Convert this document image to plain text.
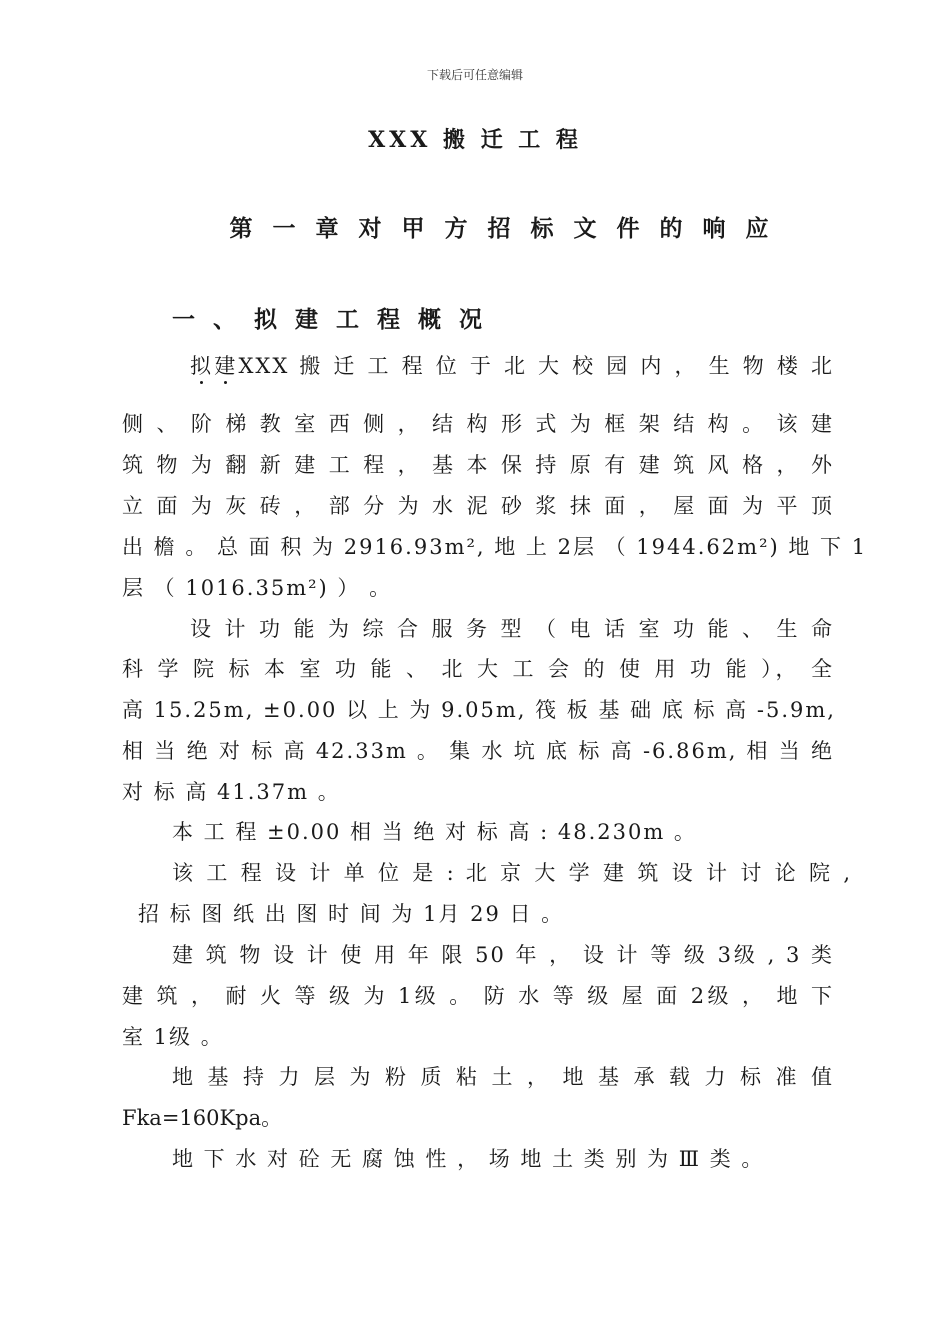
下载后可任意编辑
XXX 搬 迁 工 程
第 一 章 对 甲 方 招 标 文 件 的 响 应
一 、 拟 建 工 程 概 况
拟建XXX 搬 迁 工 程 位 于 北 大 校 园 内 ， 生 物 楼 北
侧 、 阶 梯 教 室 西 侧 ， 结 构 形 式 为 框 架 结 构 。 该 建
筑 物 为 翻 新 建 工 程 ， 基 本 保 持 原 有 建 筑 风 格 ， 外
立 面 为 灰 砖 ， 部 分 为 水 泥 砂 浆 抹 面 ， 屋 面 为 平 顶
出 檐 。 总 面 积 为 2916.93m², 地 上 2层 （ 1944.62m²) 地 下 1
层 （ 1016.35m²) ） 。
设 计 功 能 为 综 合 服 务 型 （ 电 话 室 功 能 、 生 命
科 学 院 标 本 室 功 能 、 北 大 工 会 的 使 用 功 能 ）， 全
高 15.25m, ±0.00 以 上 为 9.05m, 筏 板 基 础 底 标 高 -5.9m,
相 当 绝 对 标 高 42.33m 。 集 水 坑 底 标 高 -6.86m, 相 当 绝
对 标 高 41.37m 。
本 工 程 ±0.00 相 当 绝 对 标 高 : 48.230m 。
该 工 程 设 计 单 位 是 : 北 京 大 学 建 筑 设 计 讨 论 院 ,
招 标 图 纸 出 图 时 间 为 1月 29 日 。
建 筑 物 设 计 使 用 年 限 50 年 ， 设 计 等 级 3级 , 3 类
建 筑 ， 耐 火 等 级 为 1级 。 防 水 等 级 屋 面 2级 ， 地 下
室 1级 。
地 基 持 力 层 为 粉 质 粘 土 ， 地 基 承 载 力 标 准 值
Fka=160Kpa。
地 下 水 对 砼 无 腐 蚀 性 ， 场 地 土 类 别 为 Ⅲ 类 。
